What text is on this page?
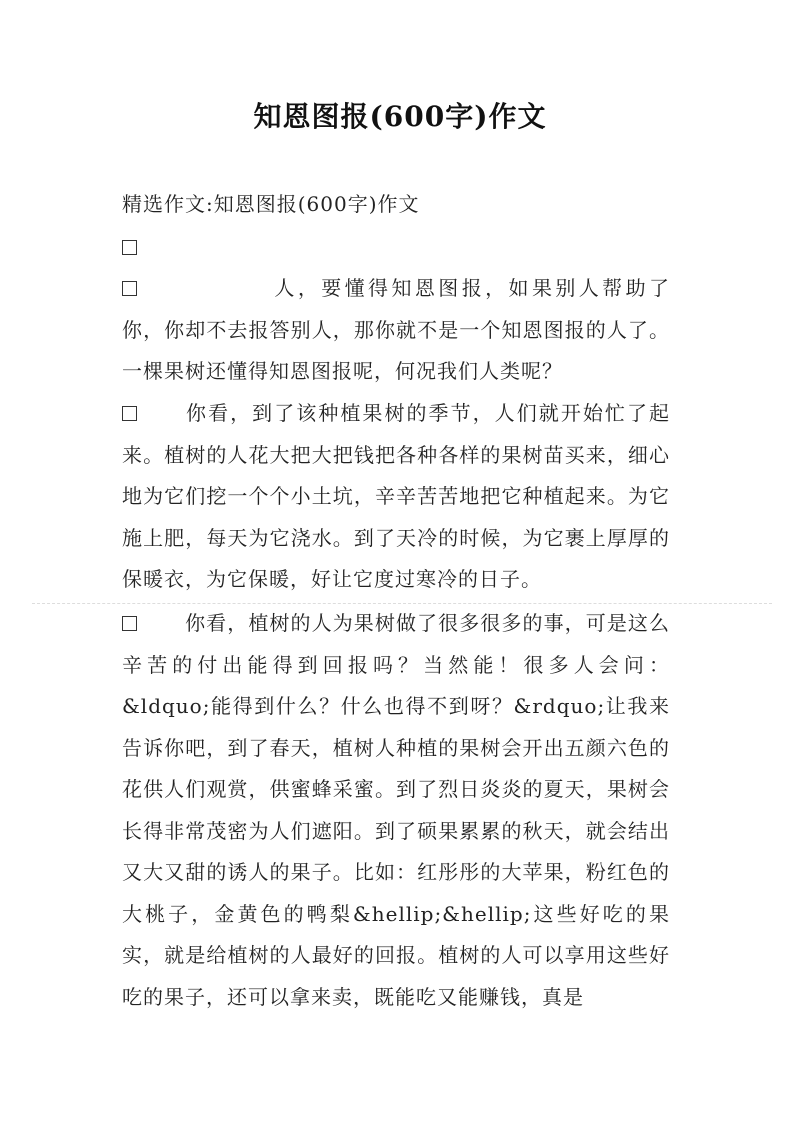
知恩图报(600字)作文
精选作文:知恩图报(600字)作文

人，要懂得知恩图报，如果别人帮助了你，你却不去报答别人，那你就不是一个知恩图报的人了。一棵果树还懂得知恩图报呢，何况我们人类呢？

你看，到了该种植果树的季节，人们就开始忙了起来。植树的人花大把大把钱把各种各样的果树苗买来，细心地为它们挖一个个小土坑，辛辛苦苦地把它种植起来。为它施上肥，每天为它浇水。到了天冷的时候，为它裹上厚厚的保暖衣，为它保暖，好让它度过寒冷的日子。

你看，植树的人为果树做了很多很多的事，可是这么辛苦的付出能得到回报吗？当然能！很多人会问：&ldquo;能得到什么？什么也得不到呀？&rdquo;让我来告诉你吧，到了春天，植树人种植的果树会开出五颜六色的花供人们观赏，供蜜蜂采蜜。到了烈日炎炎的夏天，果树会长得非常茂密为人们遮阳。到了硕果累累的秋天，就会结出又大又甜的诱人的果子。比如：红彤彤的大苹果，粉红色的大桃子，金黄色的鸭梨&hellip;&hellip;这些好吃的果实，就是给植树的人最好的回报。植树的人可以享用这些好吃的果子，还可以拿来卖，既能吃又能赚钱，真是
